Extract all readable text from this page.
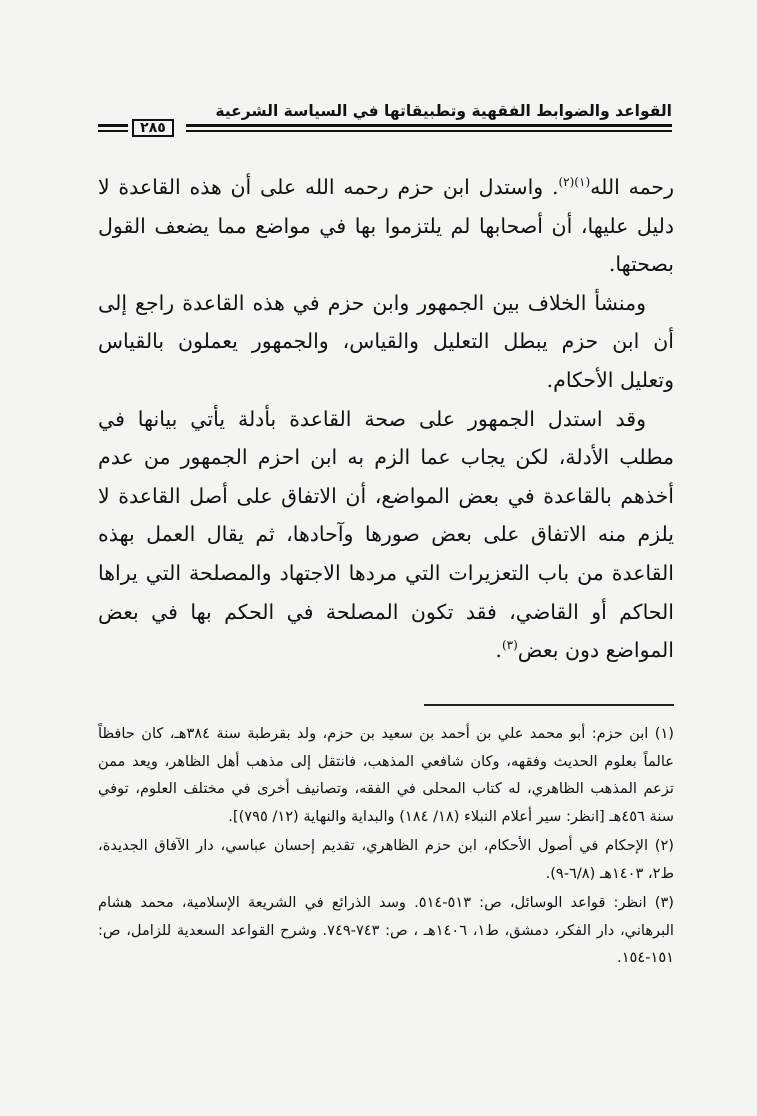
القواعد والضوابط الفقهية وتطبيقاتها في السياسة الشرعية
٢٨٥

رحمه الله$^{(١)(٢)}$. واستدل ابن حزم رحمه الله على أن هذه القاعدة لا دليل عليها، أن أصحابها لم يلتزموا بها في مواضع مما يضعف القول بصحتها.

ومنشأ الخلاف بين الجمهور وابن حزم في هذه القاعدة راجع إلى أن ابن حزم يبطل التعليل والقياس، والجمهور يعملون بالقياس وتعليل الأحكام.

وقد استدل الجمهور على صحة القاعدة بأدلة يأتي بيانها في مطلب الأدلة، لكن يجاب عما الزم به ابن احزم الجمهور من عدم أخذهم بالقاعدة في بعض المواضع، أن الاتفاق على أصل القاعدة لا يلزم منه الاتفاق على بعض صورها وآحادها، ثم يقال العمل بهذه القاعدة من باب التعزيرات التي مردها الاجتهاد والمصلحة التي يراها الحاكم أو القاضي، فقد تكون المصلحة في الحكم بها في بعض المواضع دون بعض$^{(٣)}$.

(١) ابن حزم: أبو محمد علي بن أحمد بن سعيد بن حزم، ولد بقرطبة سنة ٣٨٤هـ، كان حافظاً عالماً بعلوم الحديث وفقهه، وكان شافعي المذهب، فانتقل إلى مذهب أهل الظاهر، ويعد ممن تزعم المذهب الظاهري، له كتاب المحلى في الفقه، وتصانيف أخرى في مختلف العلوم، توفي سنة ٤٥٦هـ [انظر: سير أعلام النبلاء (١٨/ ١٨٤) والبداية والنهاية (١٢/ ٧٩٥)].

(٢) الإحكام في أصول الأحكام، ابن حزم الظاهري، تقديم إحسان عباسي، دار الآفاق الجديدة، ط٢، ١٤٠٣هـ (٦/٨-٩).

(٣) انظر: قواعد الوسائل، ص: ٥١٣-٥١٤. وسد الذرائع في الشريعة الإسلامية، محمد هشام البرهاني، دار الفكر، دمشق، ط١، ١٤٠٦هـ ، ص: ٧٤٣-٧٤٩. وشرح القواعد السعدية للزامل، ص: ١٥١-١٥٤.
